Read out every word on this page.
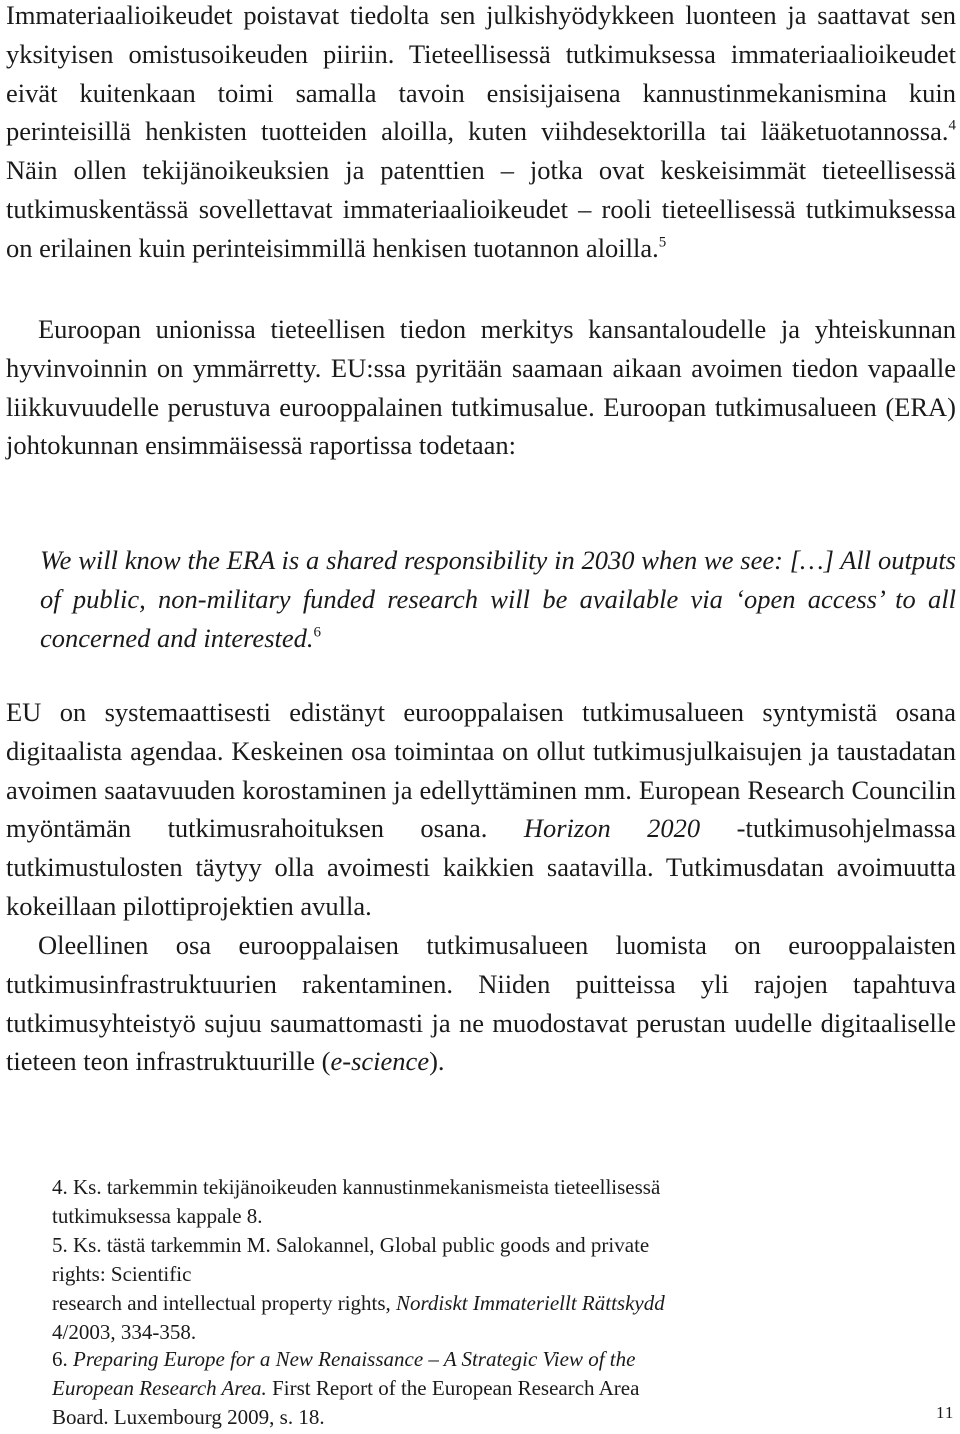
Immateriaalioikeudet poistavat tiedolta sen julkishyödykkeen luonteen ja saattavat sen yksityisen omistusoikeuden piiriin. Tieteellisessä tutkimuksessa immateriaalioikeudet eivät kuitenkaan toimi samalla tavoin ensisijaisena kannustinmekanismina kuin perinteisillä henkisten tuotteiden aloilla, kuten viihdesektorilla tai lääketuotannossa.$^4$ Näin ollen tekijänoikeuksien ja patenttien – jotka ovat keskeisimmät tieteellisessä tutkimuskentässä sovellettavat immateriaalioikeudet – rooli tieteellisessä tutkimuksessa on erilainen kuin perinteisimmillä henkisen tuotannon aloilla.$^5$

Euroopan unionissa tieteellisen tiedon merkitys kansantaloudelle ja yhteiskunnan hyvinvoinnin on ymmärretty. EU:ssa pyritään saamaan aikaan avoimen tiedon vapaalle liikkuvuudelle perustuva eurooppalainen tutkimusalue. Euroopan tutkimusalueen (ERA) johtokunnan ensimmäisessä raportissa todetaan:

We will know the ERA is a shared responsibility in 2030 when we see: […] All outputs of public, non-military funded research will be available via ‘open access’ to all concerned and interested.$^6$

EU on systemaattisesti edistänyt eurooppalaisen tutkimusalueen syntymistä osana digitaalista agendaa. Keskeinen osa toimintaa on ollut tutkimusjulkaisujen ja taustadatan avoimen saatavuuden korostaminen ja edellyttäminen mm. European Research Councilin myöntämän tutkimusrahoituksen osana. Horizon 2020 -tutkimusohjelmassa tutkimustulosten täytyy olla avoimesti kaikkien saatavilla. Tutkimusdatan avoimuutta kokeillaan pilottiprojektien avulla.

Oleellinen osa eurooppalaisen tutkimusalueen luomista on eurooppalaisten tutkimusinfrastruktuurien rakentaminen. Niiden puitteissa yli rajojen tapahtuva tutkimusyhteistyö sujuu saumattomasti ja ne muodostavat perustan uudelle digitaaliselle tieteen teon infrastruktuurille (e-science).

4. Ks. tarkemmin tekijänoikeuden kannustinmekanismeista tieteellisessä
tutkimuksessa kappale 8.
5. Ks. tästä tarkemmin M. Salokannel, Global public goods and private
rights: Scientific
research and intellectual property rights, Nordiskt Immateriellt Rättskydd
4/2003, 334-358.
6. Preparing Europe for a New Renaissance – A Strategic View of the
European Research Area. First Report of the European Research Area
Board. Luxembourg 2009, s. 18.	11
